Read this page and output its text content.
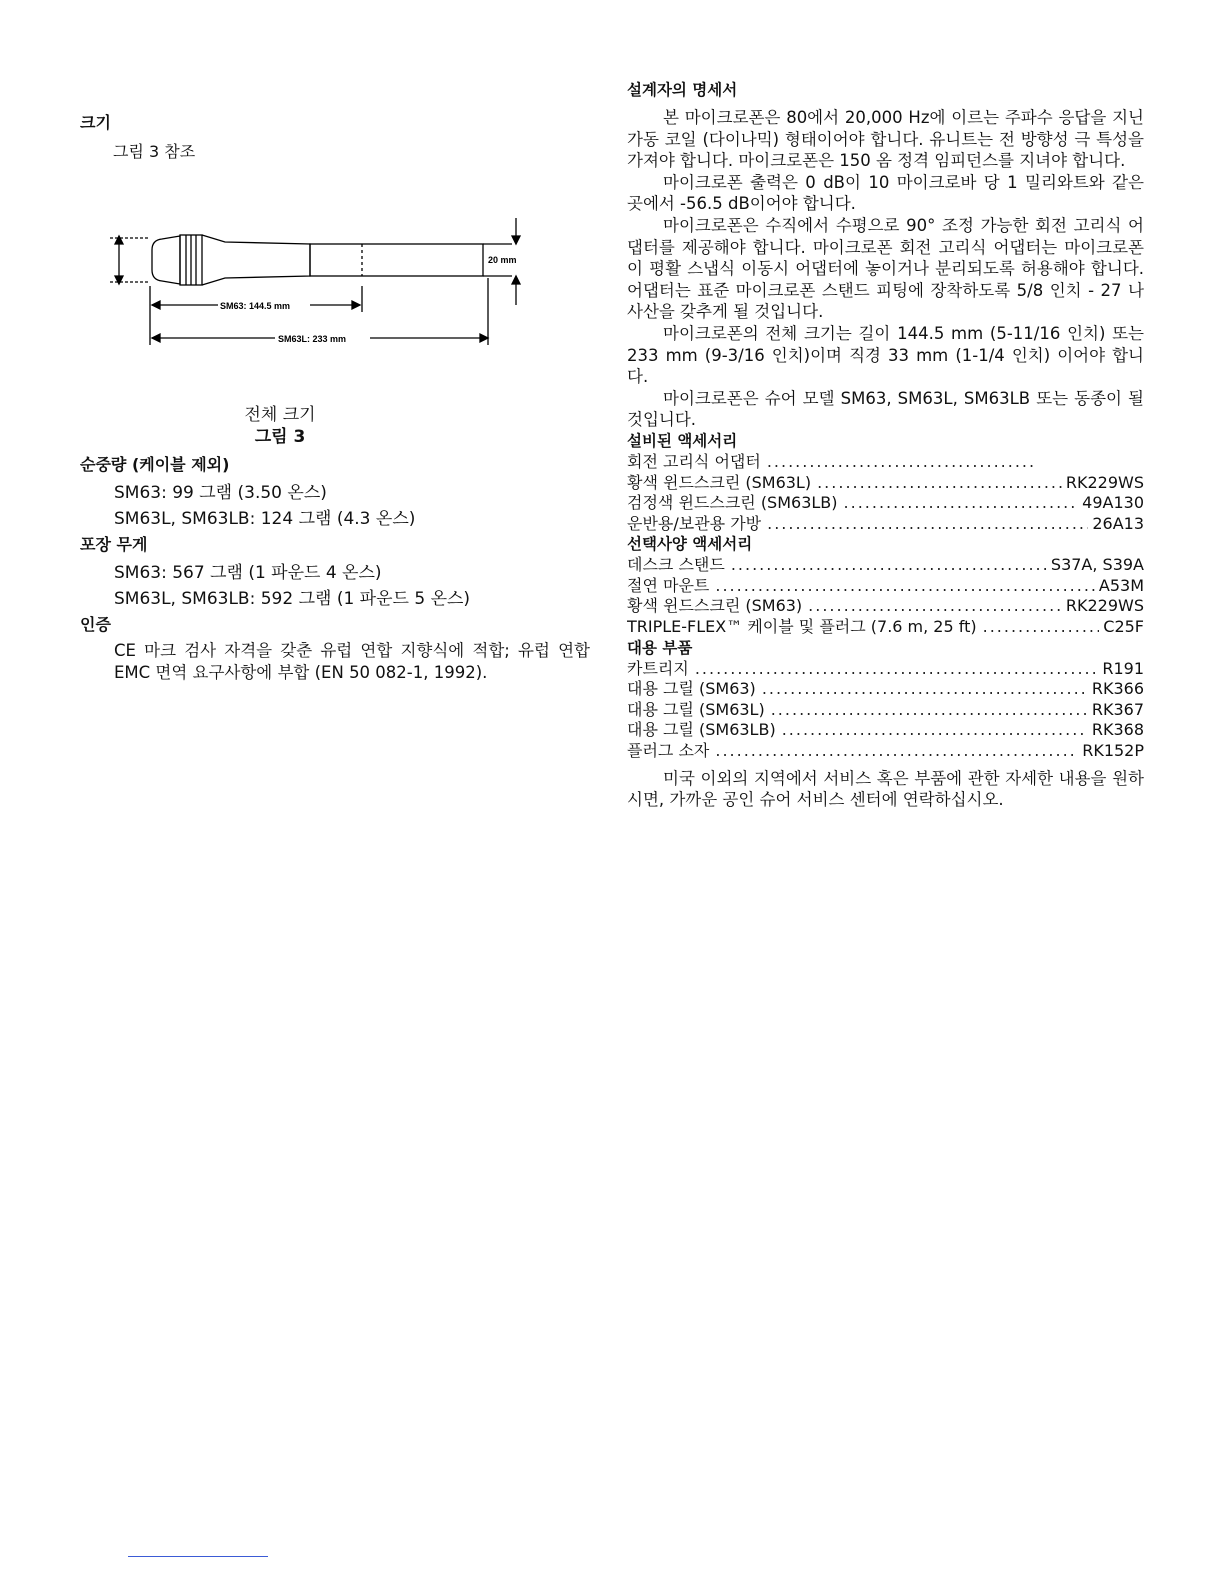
크기
그림 3 참조
20 mm
SM63: 144.5 mm
SM63L: 233 mm
전체 크기
그림 3
순중량 (케이블 제외)
SM63: 99 그램 (3.50 온스)
SM63L, SM63LB: 124 그램 (4.3 온스)
포장 무게
SM63: 567 그램 (1 파운드 4 온스)
SM63L, SM63LB: 592 그램 (1 파운드 5 온스)
인증
CE 마크 검사 자격을 갖춘 유럽 연합 지향식에 적합; 유럽 연합 EMC 면역 요구사항에 부합 (EN 50 082-1, 1992).
설계자의 명세서

본 마이크로폰은 80에서 20,000 Hz에 이르는 주파수 응답을 지닌 가동 코일 (다이나믹) 형태이어야 합니다. 유니트는 전 방향성 극 특성을 가져야 합니다. 마이크로폰은 150 옴 정격 임피던스를 지녀야 합니다.

마이크로폰 출력은 0 dB이 10 마이크로바 당 1 밀리와트와 같은 곳에서 -56.5 dB이어야 합니다.

마이크로폰은 수직에서 수평으로 90° 조정 가능한 회전 고리식 어댑터를 제공해야 합니다. 마이크로폰 회전 고리식 어댑터는 마이크로폰이 평활 스냅식 이동시 어댑터에 놓이거나 분리되도록 허용해야 합니다. 어댑터는 표준 마이크로폰 스탠드 피팅에 장착하도록 5/8 인치 - 27 나사산을 갖추게 될 것입니다.

마이크로폰의 전체 크기는 길이 144.5 mm (5-11/16 인치) 또는 233 mm (9-3/16 인치)이며 직경 33 mm (1-1/4 인치) 이어야 합니다.

마이크로폰은 슈어 모델 SM63, SM63L, SM63LB 또는 동종이 될 것입니다.

설비된 액세서리
회전 고리식 어댑터
.....
황색 윈드스크린 (SM63L) .....	RK229WS
검정색 윈드스크린 (SM63LB) .....	49A130
운반용/보관용 가방 .....	26A13
선택사양 액세서리
데스크 스탠드 .....	S37A, S39A
절연 마운트 .....	A53M
황색 윈드스크린 (SM63) .....	RK229WS
TRIPLE-FLEX™ 케이블 및 플러그 (7.6 m, 25 ft) .....	C25F
대용 부품
카트리지 .....	R191
대용 그릴 (SM63) .....	RK366
대용 그릴 (SM63L) .....	RK367
대용 그릴 (SM63LB) .....	RK368
플러그 소자 .....	RK152P

미국 이외의 지역에서 서비스 혹은 부품에 관한 자세한 내용을 원하시면, 가까운 공인 슈어 서비스 센터에 연락하십시오.
